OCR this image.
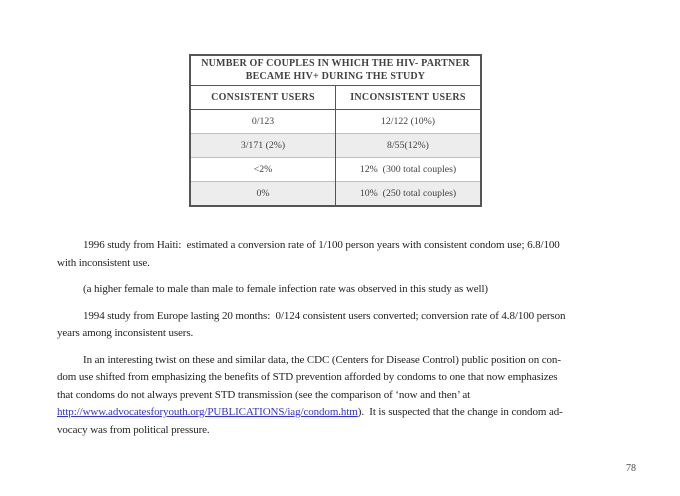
NUMBER OF COUPLES IN WHICH THE HIV- PARTNER
BECAME HIV+ DURING THE STUDY	

CONSISTENT USERS	INCONSISTENT USERS
0/123	12/122 (10%)
3/171 (2%)	8/55(12%)
<2%	12%  (300 total couples)
0%	10%  (250 total couples)
1996 study from Haiti:  estimated a conversion rate of 1/100 person years with consistent condom use; 6.8/100
with inconsistent use.
(a higher female to male than male to female infection rate was observed in this study as well)
1994 study from Europe lasting 20 months:  0/124 consistent users converted; conversion rate of 4.8/100 person
years among inconsistent users.
In an interesting twist on these and similar data, the CDC (Centers for Disease Control) public position on con-
dom use shifted from emphasizing the benefits of STD prevention afforded by condoms to one that now emphasizes
that condoms do not always prevent STD transmission (see the comparison of ‘now and then’ at
http://www.advocatesforyouth.org/PUBLICATIONS/iag/condom.htm).  It is suspected that the change in condom ad-
vocacy was from political pressure.
78
